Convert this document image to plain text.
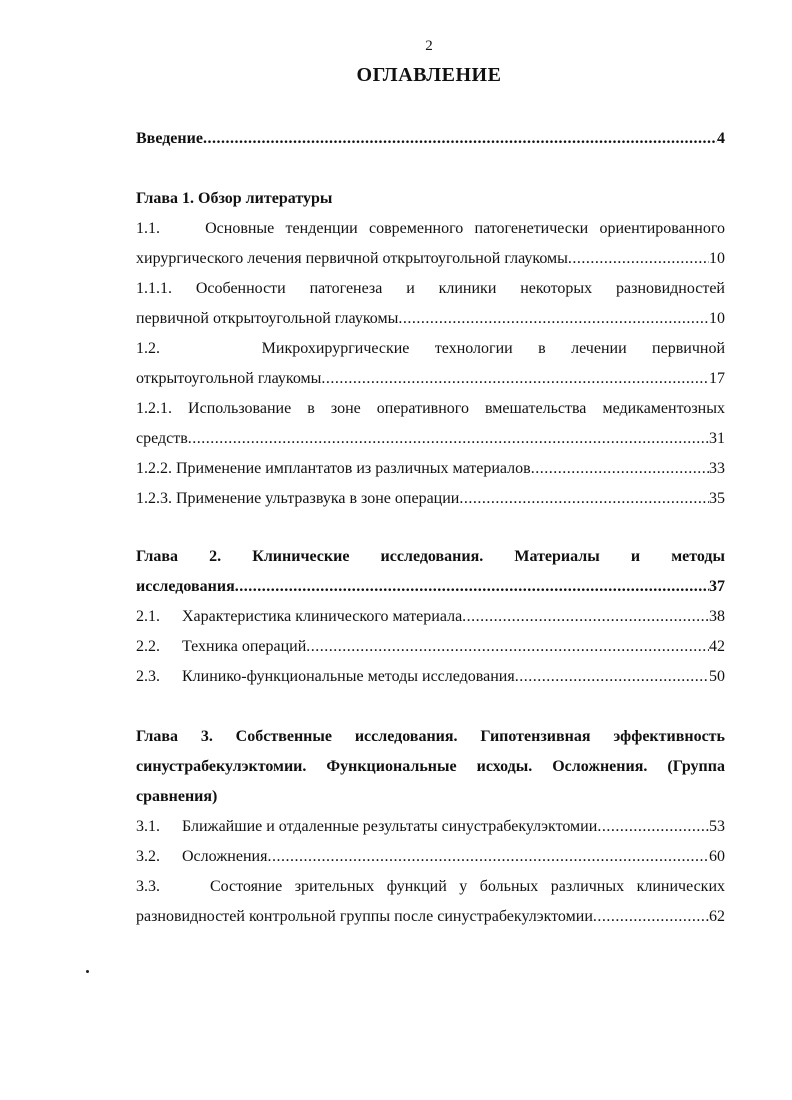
2
ОГЛАВЛЕНИЕ
Введение .....	4
Глава 1. Обзор литературы
1.1.	Основные тенденции современного патогенетически ориентированного
хирургического лечения первичной открытоугольной глаукомы .....	10
1.1.1. Особенности патогенеза и клиники некоторых разновидностей
первичной открытоугольной глаукомы .....	10
1.2.	Микрохирургические технологии в лечении первичной
открытоугольной глаукомы .....	17
1.2.1. Использование в зоне оперативного вмешательства медикаментозных
средств .....	31
1.2.2. Применение имплантатов из различных материалов .....	33
1.2.3. Применение ультразвука в зоне операции .....	35
Глава 2. Клинические исследования. Материалы и методы
исследования .....	37
2.1. Характеристика клинического материала .....	38
2.2. Техника операций .....	42
2.3. Клинико-функциональные методы исследования .....	50
Глава 3. Собственные исследования. Гипотензивная эффективность
синустрабекулэктомии. Функциональные исходы. Осложнения. (Группа
сравнения)
3.1. Ближайшие и отдаленные результаты синустрабекулэктомии .....	53
3.2. Осложнения .....	60
3.3.	Состояние зрительных функций у больных различных клинических
разновидностей контрольной группы после синустрабекулэктомии .....	62
